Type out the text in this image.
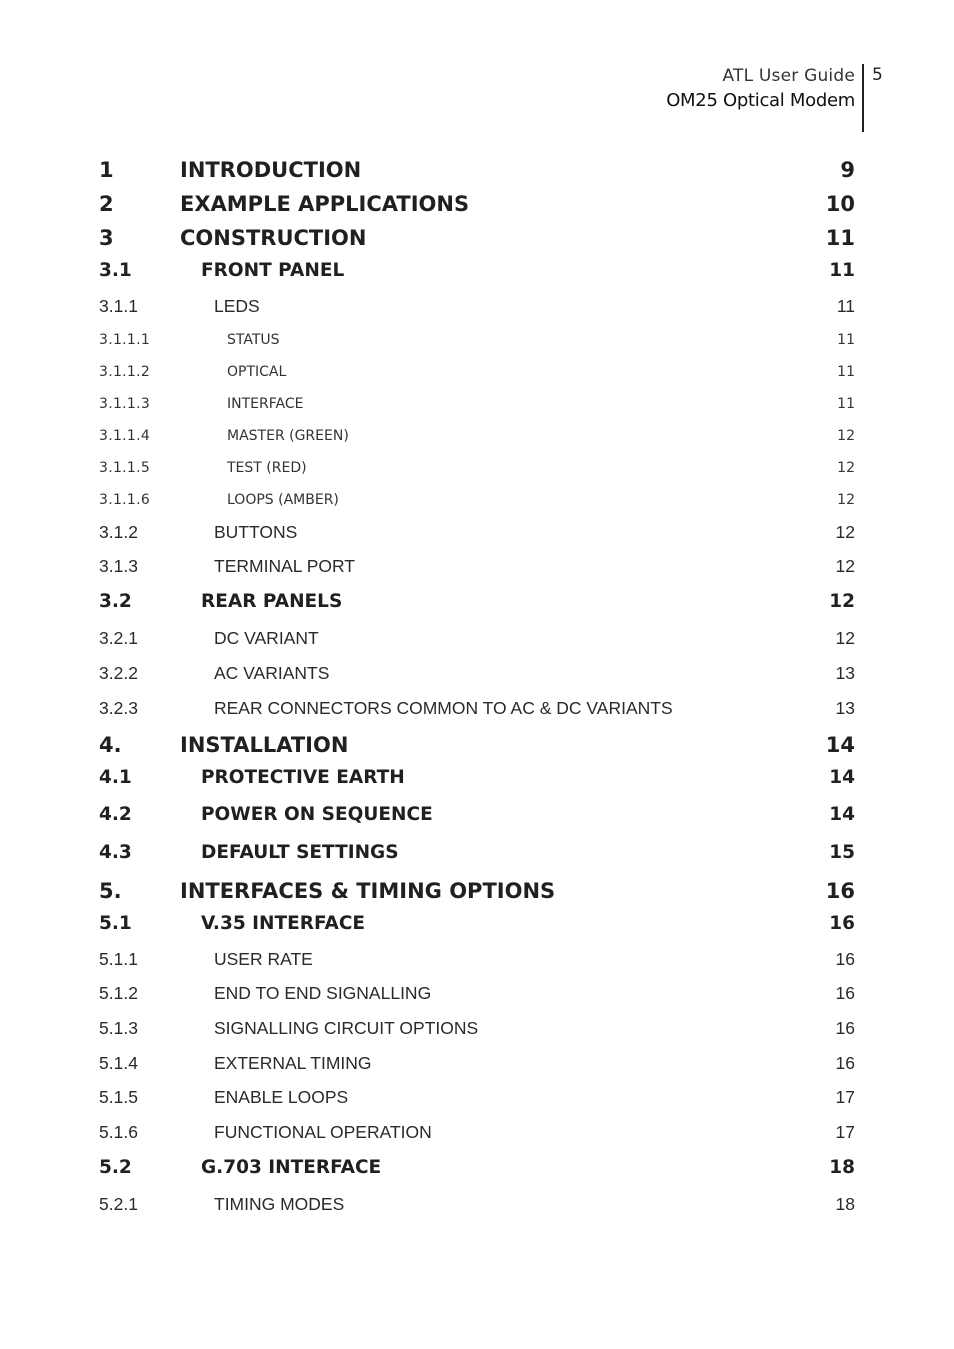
ATL User Guide
OM25 Optical Modem
5
1	INTRODUCTION	9
2	EXAMPLE APPLICATIONS	10
3	CONSTRUCTION	11
3.1	FRONT PANEL	11
3.1.1	LEDS	11
3.1.1.1	STATUS	11
3.1.1.2	OPTICAL	11
3.1.1.3	INTERFACE	11
3.1.1.4	MASTER (GREEN)	12
3.1.1.5	TEST (RED)	12
3.1.1.6	LOOPS (AMBER)	12
3.1.2	BUTTONS	12
3.1.3	TERMINAL PORT	12
3.2	REAR PANELS	12
3.2.1	DC VARIANT	12
3.2.2	AC VARIANTS	13
3.2.3	REAR CONNECTORS COMMON TO AC & DC VARIANTS	13
4.	INSTALLATION	14
4.1	PROTECTIVE EARTH	14
4.2	POWER ON SEQUENCE	14
4.3	DEFAULT SETTINGS	15
5.	INTERFACES & TIMING OPTIONS	16
5.1	V.35 INTERFACE	16
5.1.1	USER RATE	16
5.1.2	END TO END SIGNALLING	16
5.1.3	SIGNALLING CIRCUIT OPTIONS	16
5.1.4	EXTERNAL TIMING	16
5.1.5	ENABLE LOOPS	17
5.1.6	FUNCTIONAL OPERATION	17
5.2	G.703 INTERFACE	18
5.2.1	TIMING MODES	18
